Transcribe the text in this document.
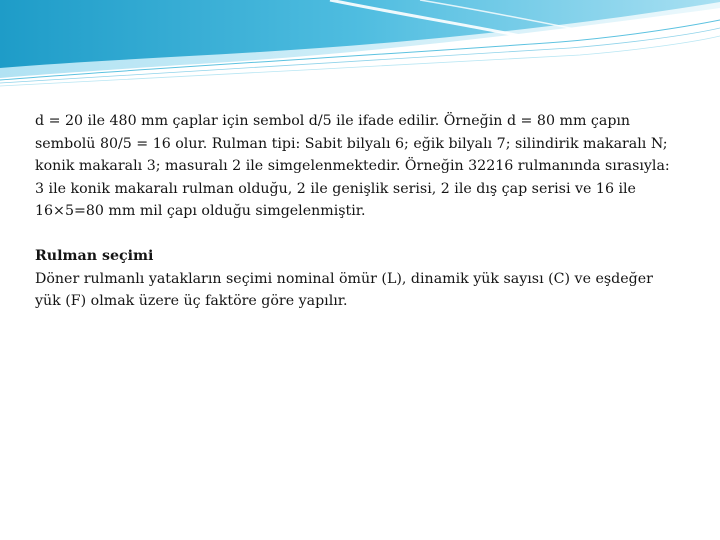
d = 20 ile 480 mm çaplar için sembol d/5 ile ifade edilir. Örneğin d = 80 mm çapın sembolü 80/5 = 16 olur. Rulman tipi: Sabit bilyalı 6; eğik bilyalı 7; silindirik makaralı N; konik makaralı 3; masuralı 2 ile simgelenmektedir. Örneğin 32216 rulmanında sırasıyla: 3 ile konik makaralı rulman olduğu, 2 ile genişlik serisi, 2 ile dış çap serisi ve 16 ile 16×5=80 mm mil çapı olduğu simgelenmiştir.

Rulman seçimi

Döner rulmanlı yatakların seçimi nominal ömür (L), dinamik yük sayısı (C) ve eşdeğer yük (F) olmak üzere üç faktöre göre yapılır.
